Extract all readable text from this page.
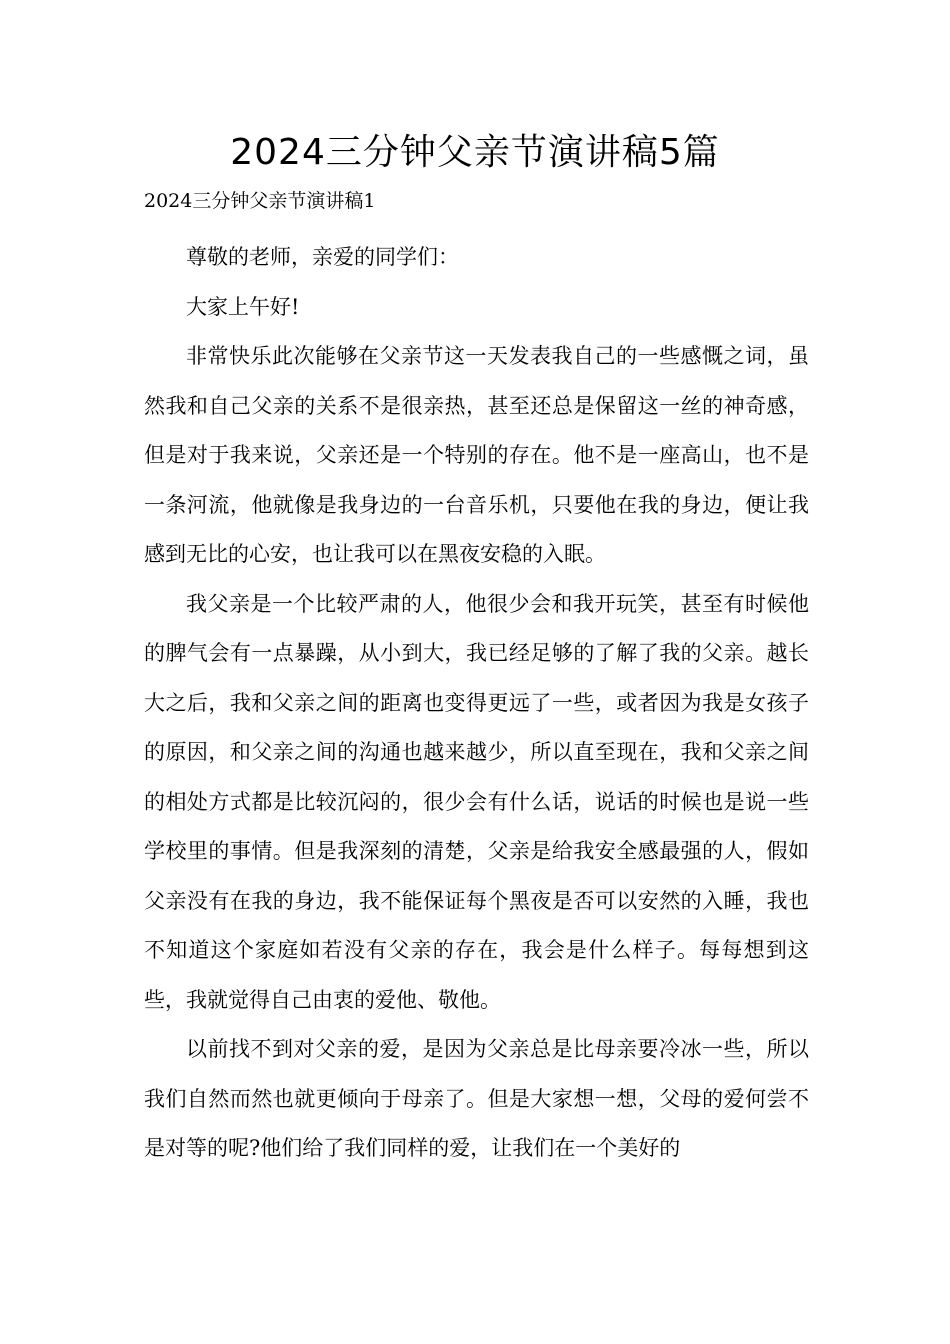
2024三分钟父亲节演讲稿5篇
2024三分钟父亲节演讲稿1

尊敬的老师，亲爱的同学们：

大家上午好!

非常快乐此次能够在父亲节这一天发表我自己的一些感慨之词，虽然我和自己父亲的关系不是很亲热，甚至还总是保留这一丝的神奇感，但是对于我来说，父亲还是一个特别的存在。他不是一座高山，也不是一条河流，他就像是我身边的一台音乐机，只要他在我的身边，便让我感到无比的心安，也让我可以在黑夜安稳的入眠。

我父亲是一个比较严肃的人，他很少会和我开玩笑，甚至有时候他的脾气会有一点暴躁，从小到大，我已经足够的了解了我的父亲。越长大之后，我和父亲之间的距离也变得更远了一些，或者因为我是女孩子的原因，和父亲之间的沟通也越来越少，所以直至现在，我和父亲之间的相处方式都是比较沉闷的，很少会有什么话，说话的时候也是说一些学校里的事情。但是我深刻的清楚，父亲是给我安全感最强的人，假如父亲没有在我的身边，我不能保证每个黑夜是否可以安然的入睡，我也不知道这个家庭如若没有父亲的存在，我会是什么样子。每每想到这些，我就觉得自己由衷的爱他、敬他。

以前找不到对父亲的爱，是因为父亲总是比母亲要冷冰一些，所以我们自然而然也就更倾向于母亲了。但是大家想一想，父母的爱何尝不是对等的呢?他们给了我们同样的爱，让我们在一个美好的
